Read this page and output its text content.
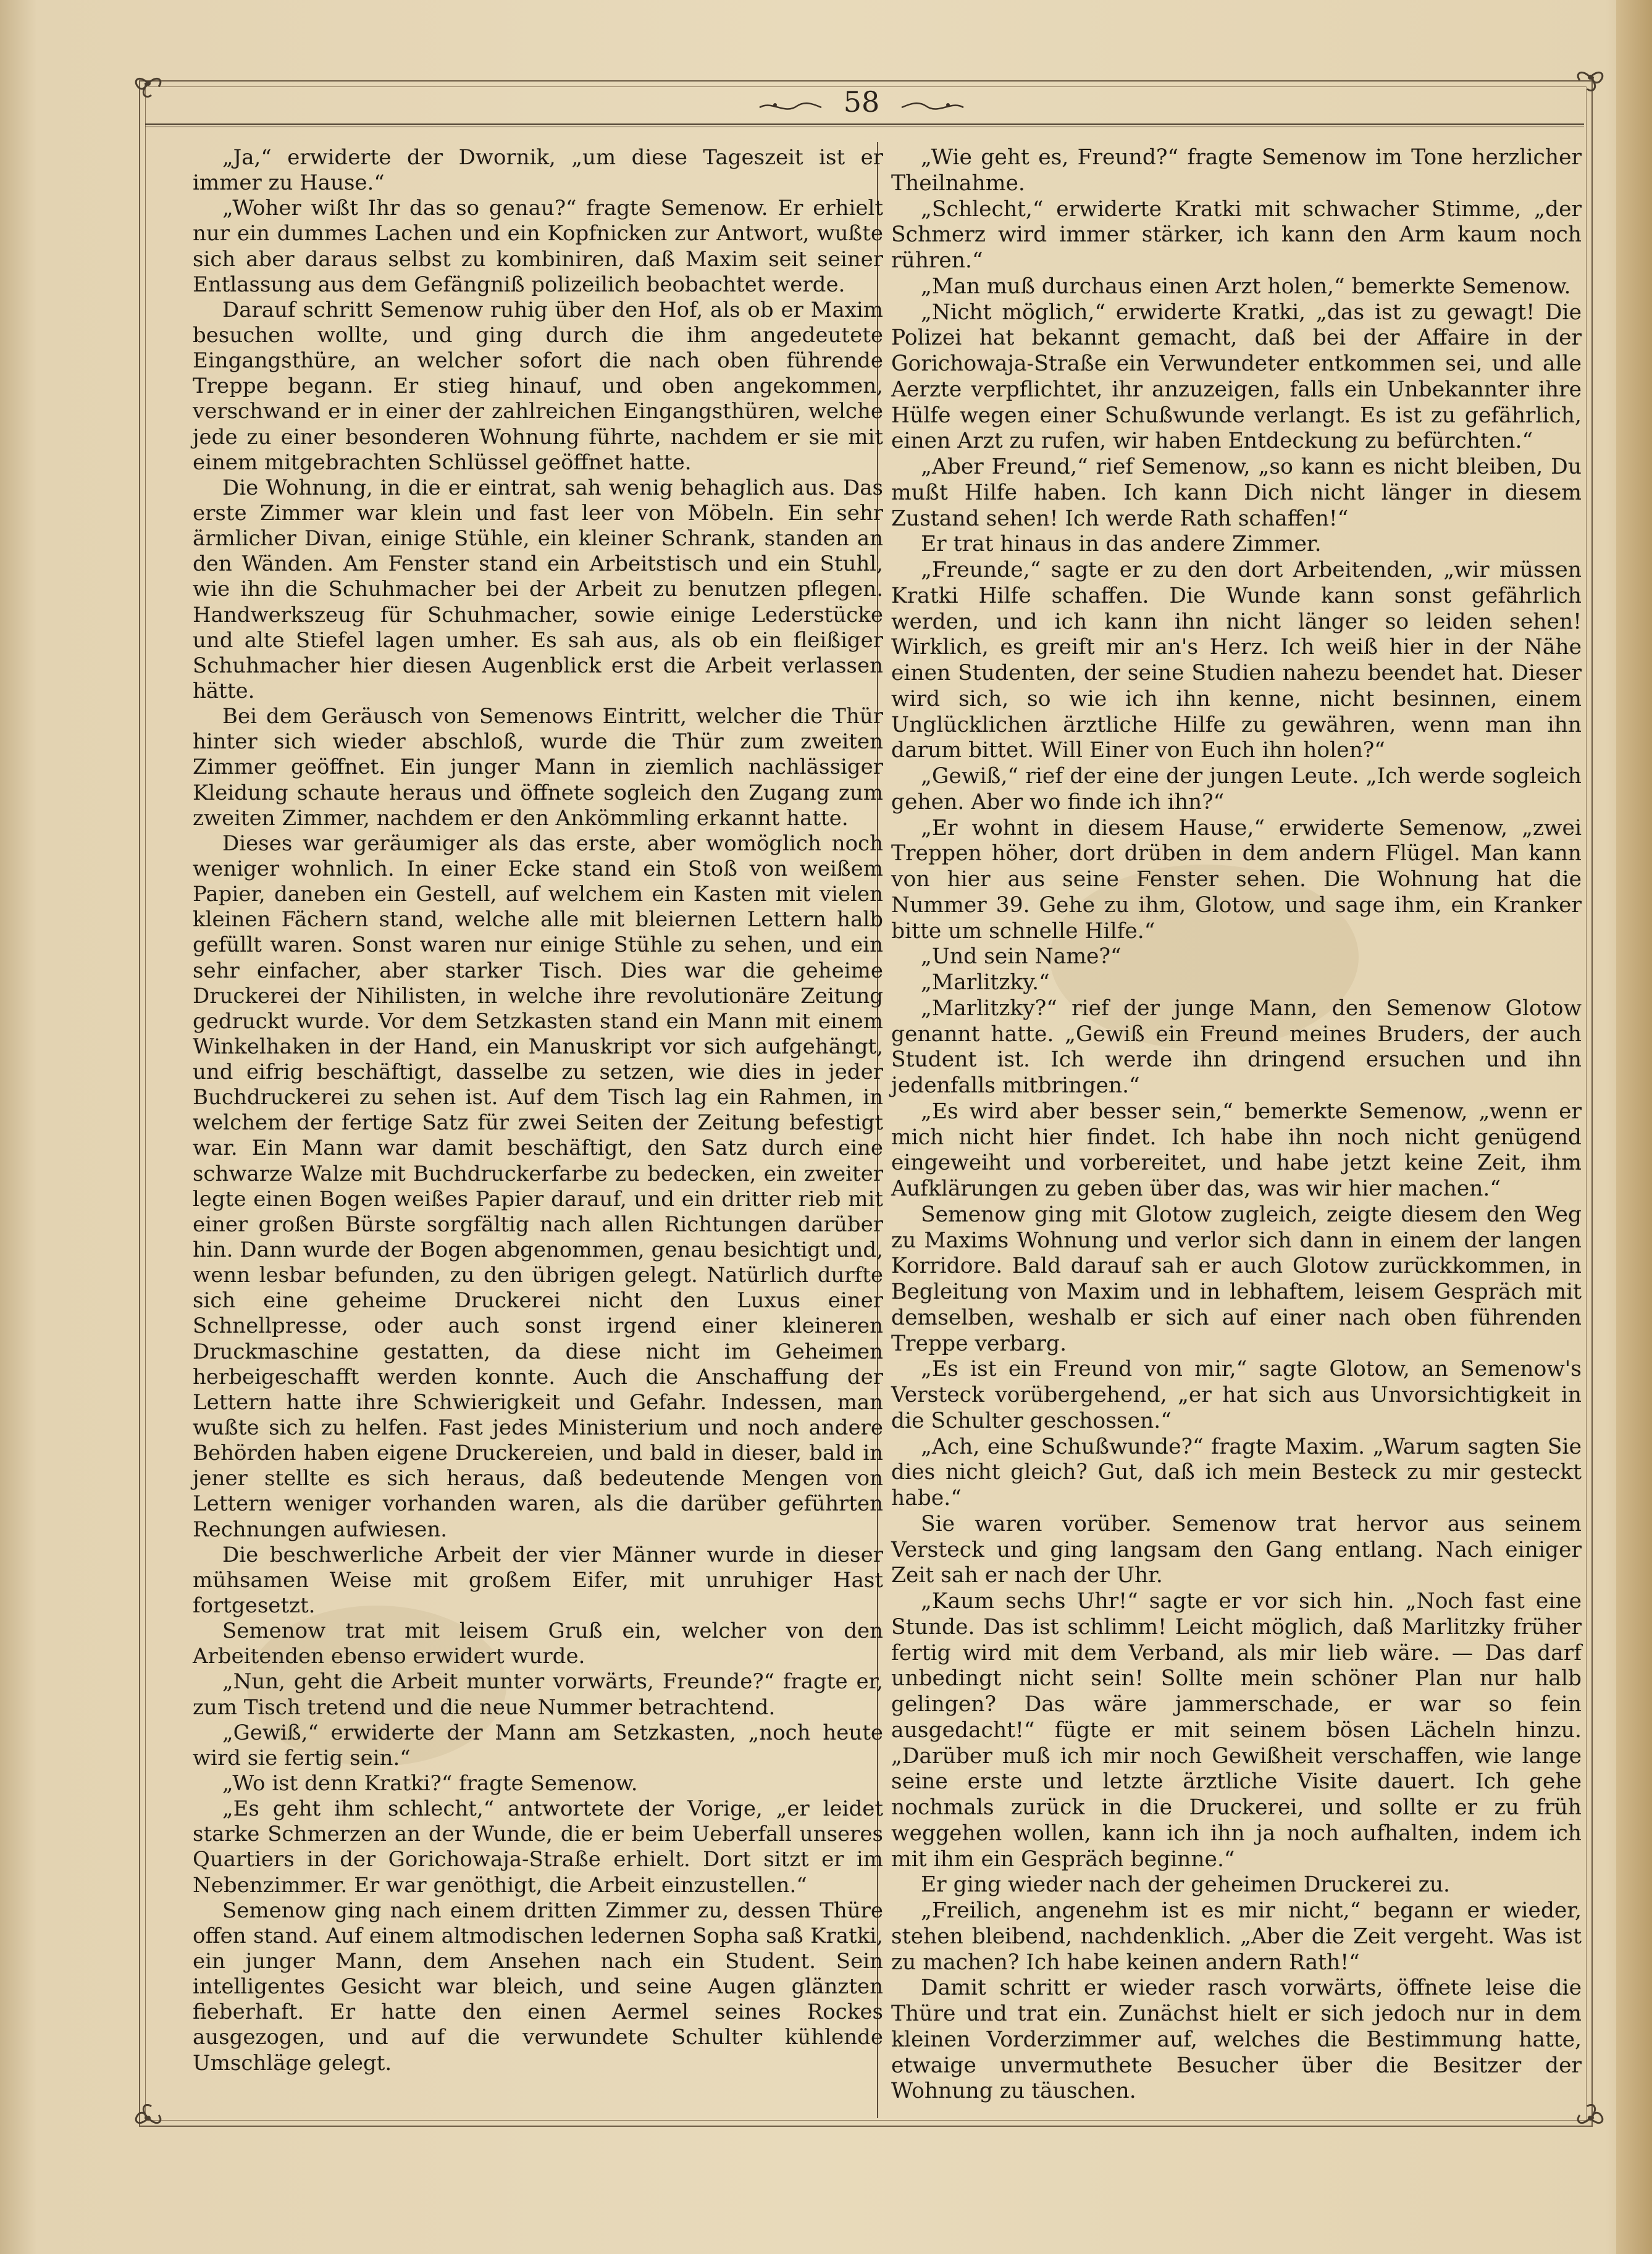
58

„Ja,“ erwiderte der Dwornik, „um diese Tageszeit ist er immer zu Hause.“

„Woher wißt Ihr das so genau?“ fragte Semenow. Er erhielt nur ein dummes Lachen und ein Kopfnicken zur Antwort, wußte sich aber daraus selbst zu kombiniren, daß Maxim seit seiner Entlassung aus dem Gefängniß polizeilich beobachtet werde.

Darauf schritt Semenow ruhig über den Hof, als ob er Maxim besuchen wollte, und ging durch die ihm angedeutete Eingangsthüre, an welcher sofort die nach oben führende Treppe begann. Er stieg hinauf, und oben angekommen, verschwand er in einer der zahlreichen Eingangsthüren, welche jede zu einer besonderen Wohnung führte, nachdem er sie mit einem mitgebrachten Schlüssel geöffnet hatte.

Die Wohnung, in die er eintrat, sah wenig behaglich aus. Das erste Zimmer war klein und fast leer von Möbeln. Ein sehr ärmlicher Divan, einige Stühle, ein kleiner Schrank, standen an den Wänden. Am Fenster stand ein Arbeitstisch und ein Stuhl, wie ihn die Schuhmacher bei der Arbeit zu benutzen pflegen. Handwerkszeug für Schuhmacher, sowie einige Lederstücke und alte Stiefel lagen umher. Es sah aus, als ob ein fleißiger Schuhmacher hier diesen Augenblick erst die Arbeit verlassen hätte.

Bei dem Geräusch von Semenows Eintritt, welcher die Thür hinter sich wieder abschloß, wurde die Thür zum zweiten Zimmer geöffnet. Ein junger Mann in ziemlich nachlässiger Kleidung schaute heraus und öffnete sogleich den Zugang zum zweiten Zimmer, nachdem er den Ankömmling erkannt hatte.

Dieses war geräumiger als das erste, aber womöglich noch weniger wohnlich. In einer Ecke stand ein Stoß von weißem Papier, daneben ein Gestell, auf welchem ein Kasten mit vielen kleinen Fächern stand, welche alle mit bleiernen Lettern halb gefüllt waren. Sonst waren nur einige Stühle zu sehen, und ein sehr einfacher, aber starker Tisch. Dies war die geheime Druckerei der Nihilisten, in welche ihre revolutionäre Zeitung gedruckt wurde. Vor dem Setzkasten stand ein Mann mit einem Winkelhaken in der Hand, ein Manuskript vor sich aufgehängt, und eifrig beschäftigt, dasselbe zu setzen, wie dies in jeder Buchdruckerei zu sehen ist. Auf dem Tisch lag ein Rahmen, in welchem der fertige Satz für zwei Seiten der Zeitung befestigt war. Ein Mann war damit beschäftigt, den Satz durch eine schwarze Walze mit Buchdruckerfarbe zu bedecken, ein zweiter legte einen Bogen weißes Papier darauf, und ein dritter rieb mit einer großen Bürste sorgfältig nach allen Richtungen darüber hin. Dann wurde der Bogen abgenommen, genau besichtigt und, wenn lesbar befunden, zu den übrigen gelegt. Natürlich durfte sich eine geheime Druckerei nicht den Luxus einer Schnellpresse, oder auch sonst irgend einer kleineren Druckmaschine gestatten, da diese nicht im Geheimen herbeigeschafft werden konnte. Auch die Anschaffung der Lettern hatte ihre Schwierigkeit und Gefahr. Indessen, man wußte sich zu helfen. Fast jedes Ministerium und noch andere Behörden haben eigene Druckereien, und bald in dieser, bald in jener stellte es sich heraus, daß bedeutende Mengen von Lettern weniger vorhanden waren, als die darüber geführten Rechnungen aufwiesen.

Die beschwerliche Arbeit der vier Männer wurde in dieser mühsamen Weise mit großem Eifer, mit unruhiger Hast fortgesetzt.

Semenow trat mit leisem Gruß ein, welcher von den Arbeitenden ebenso erwidert wurde.

„Nun, geht die Arbeit munter vorwärts, Freunde?“ fragte er, zum Tisch tretend und die neue Nummer betrachtend.

„Gewiß,“ erwiderte der Mann am Setzkasten, „noch heute wird sie fertig sein.“

„Wo ist denn Kratki?“ fragte Semenow.

„Es geht ihm schlecht,“ antwortete der Vorige, „er leidet starke Schmerzen an der Wunde, die er beim Ueberfall unseres Quartiers in der Gorichowaja-Straße erhielt. Dort sitzt er im Nebenzimmer. Er war genöthigt, die Arbeit einzustellen.“

Semenow ging nach einem dritten Zimmer zu, dessen Thüre offen stand. Auf einem altmodischen ledernen Sopha saß Kratki, ein junger Mann, dem Ansehen nach ein Student. Sein intelligentes Gesicht war bleich, und seine Augen glänzten fieberhaft. Er hatte den einen Aermel seines Rockes ausgezogen, und auf die verwundete Schulter kühlende Umschläge gelegt.

„Wie geht es, Freund?“ fragte Semenow im Tone herzlicher Theilnahme.

„Schlecht,“ erwiderte Kratki mit schwacher Stimme, „der Schmerz wird immer stärker, ich kann den Arm kaum noch rühren.“

„Man muß durchaus einen Arzt holen,“ bemerkte Semenow.

„Nicht möglich,“ erwiderte Kratki, „das ist zu gewagt! Die Polizei hat bekannt gemacht, daß bei der Affaire in der Gorichowaja-Straße ein Verwundeter entkommen sei, und alle Aerzte verpflichtet, ihr anzuzeigen, falls ein Unbekannter ihre Hülfe wegen einer Schußwunde verlangt. Es ist zu gefährlich, einen Arzt zu rufen, wir haben Entdeckung zu befürchten.“

„Aber Freund,“ rief Semenow, „so kann es nicht bleiben, Du mußt Hilfe haben. Ich kann Dich nicht länger in diesem Zustand sehen! Ich werde Rath schaffen!“

Er trat hinaus in das andere Zimmer.

„Freunde,“ sagte er zu den dort Arbeitenden, „wir müssen Kratki Hilfe schaffen. Die Wunde kann sonst gefährlich werden, und ich kann ihn nicht länger so leiden sehen! Wirklich, es greift mir an's Herz. Ich weiß hier in der Nähe einen Studenten, der seine Studien nahezu beendet hat. Dieser wird sich, so wie ich ihn kenne, nicht besinnen, einem Unglücklichen ärztliche Hilfe zu gewähren, wenn man ihn darum bittet. Will Einer von Euch ihn holen?“

„Gewiß,“ rief der eine der jungen Leute. „Ich werde sogleich gehen. Aber wo finde ich ihn?“

„Er wohnt in diesem Hause,“ erwiderte Semenow, „zwei Treppen höher, dort drüben in dem andern Flügel. Man kann von hier aus seine Fenster sehen. Die Wohnung hat die Nummer 39. Gehe zu ihm, Glotow, und sage ihm, ein Kranker bitte um schnelle Hilfe.“

„Und sein Name?“

„Marlitzky.“

„Marlitzky?“ rief der junge Mann, den Semenow Glotow genannt hatte. „Gewiß ein Freund meines Bruders, der auch Student ist. Ich werde ihn dringend ersuchen und ihn jedenfalls mitbringen.“

„Es wird aber besser sein,“ bemerkte Semenow, „wenn er mich nicht hier findet. Ich habe ihn noch nicht genügend eingeweiht und vorbereitet, und habe jetzt keine Zeit, ihm Aufklärungen zu geben über das, was wir hier machen.“

Semenow ging mit Glotow zugleich, zeigte diesem den Weg zu Maxims Wohnung und verlor sich dann in einem der langen Korridore. Bald darauf sah er auch Glotow zurückkommen, in Begleitung von Maxim und in lebhaftem, leisem Gespräch mit demselben, weshalb er sich auf einer nach oben führenden Treppe verbarg.

„Es ist ein Freund von mir,“ sagte Glotow, an Semenow's Versteck vorübergehend, „er hat sich aus Unvorsichtigkeit in die Schulter geschossen.“

„Ach, eine Schußwunde?“ fragte Maxim. „Warum sagten Sie dies nicht gleich? Gut, daß ich mein Besteck zu mir gesteckt habe.“

Sie waren vorüber. Semenow trat hervor aus seinem Versteck und ging langsam den Gang entlang. Nach einiger Zeit sah er nach der Uhr.

„Kaum sechs Uhr!“ sagte er vor sich hin. „Noch fast eine Stunde. Das ist schlimm! Leicht möglich, daß Marlitzky früher fertig wird mit dem Verband, als mir lieb wäre. — Das darf unbedingt nicht sein! Sollte mein schöner Plan nur halb gelingen? Das wäre jammerschade, er war so fein ausgedacht!“ fügte er mit seinem bösen Lächeln hinzu. „Darüber muß ich mir noch Gewißheit verschaffen, wie lange seine erste und letzte ärztliche Visite dauert. Ich gehe nochmals zurück in die Druckerei, und sollte er zu früh weggehen wollen, kann ich ihn ja noch aufhalten, indem ich mit ihm ein Gespräch beginne.“

Er ging wieder nach der geheimen Druckerei zu.

„Freilich, angenehm ist es mir nicht,“ begann er wieder, stehen bleibend, nachdenklich. „Aber die Zeit vergeht. Was ist zu machen? Ich habe keinen andern Rath!“

Damit schritt er wieder rasch vorwärts, öffnete leise die Thüre und trat ein. Zunächst hielt er sich jedoch nur in dem kleinen Vorderzimmer auf, welches die Bestimmung hatte, etwaige unvermuthete Besucher über die Besitzer der Wohnung zu täuschen.
